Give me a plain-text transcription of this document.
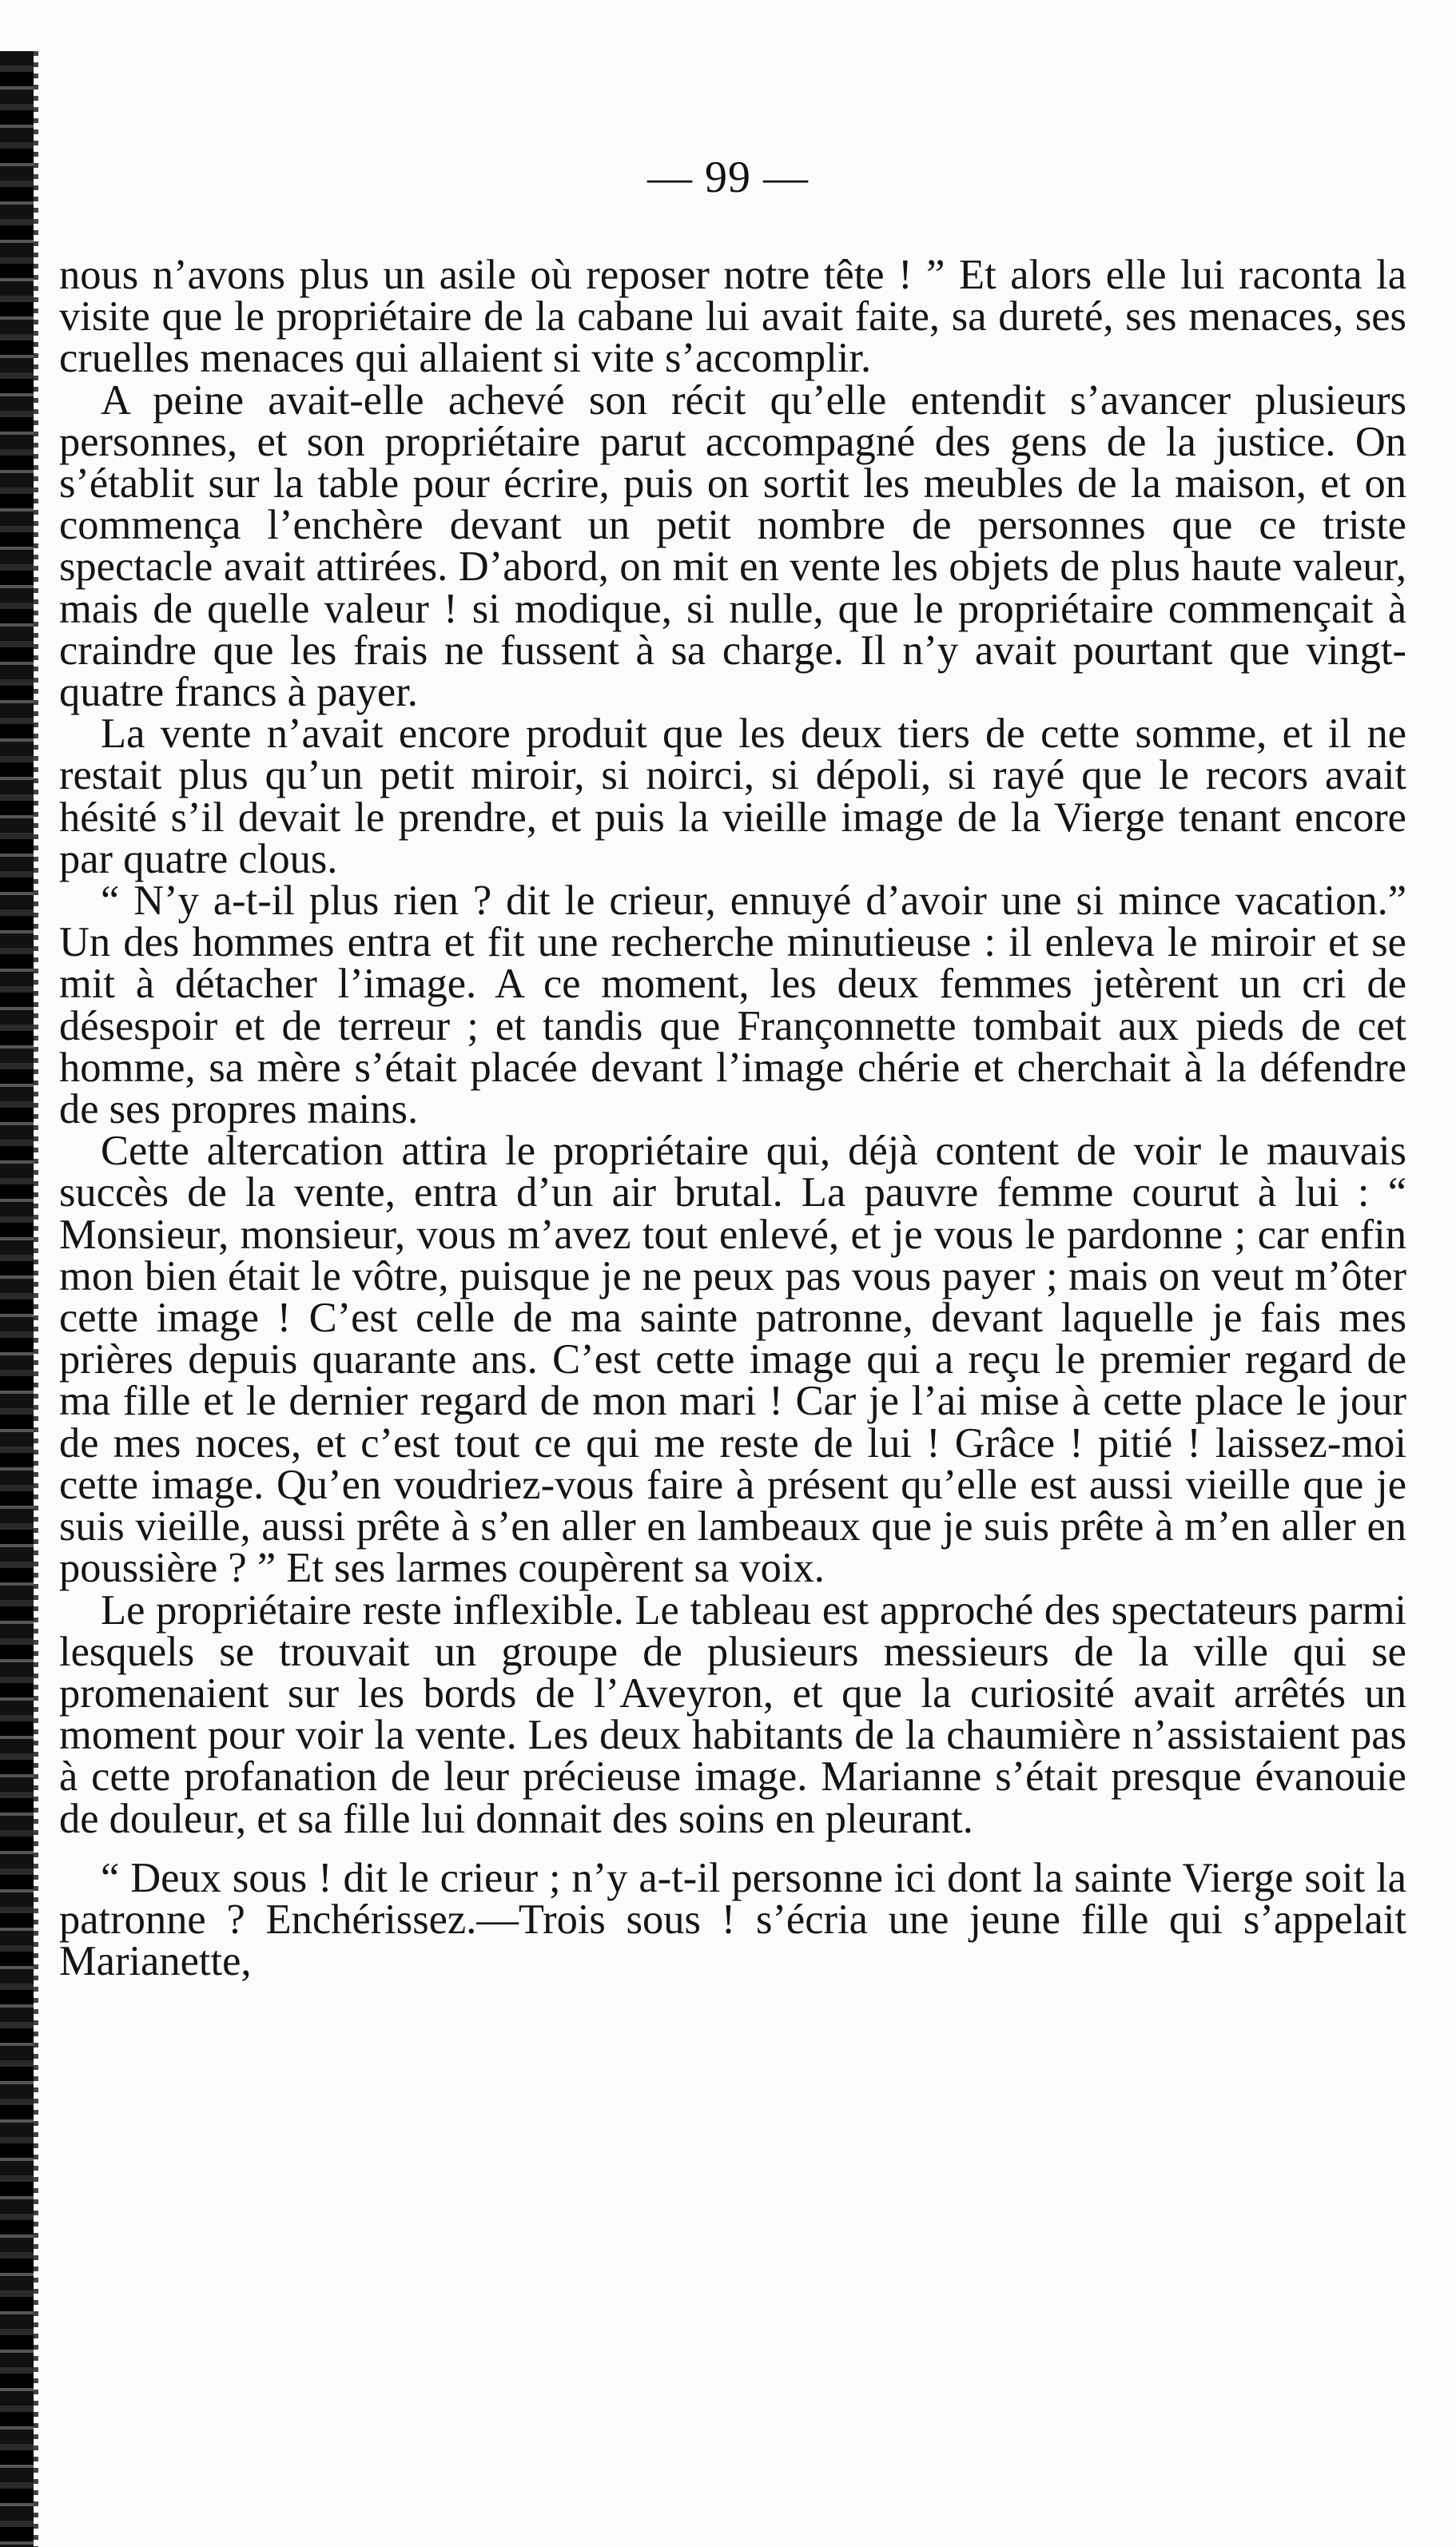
— 99 —

nous n’avons plus un asile où reposer notre tête ! ” Et alors elle lui raconta la visite que le propriétaire de la cabane lui avait faite, sa dureté, ses menaces, ses cruelles menaces qui allaient si vite s’accomplir.

A peine avait-elle achevé son récit qu’elle entendit s’avancer plusieurs personnes, et son propriétaire parut accompagné des gens de la justice. On s’établit sur la table pour écrire, puis on sortit les meubles de la maison, et on commença l’enchère devant un petit nombre de personnes que ce triste spectacle avait attirées. D’abord, on mit en vente les objets de plus haute valeur, mais de quelle valeur ! si modique, si nulle, que le propriétaire commençait à craindre que les frais ne fussent à sa charge. Il n’y avait pourtant que vingt-quatre francs à payer.

La vente n’avait encore produit que les deux tiers de cette somme, et il ne restait plus qu’un petit miroir, si noirci, si dépoli, si rayé que le recors avait hésité s’il devait le prendre, et puis la vieille image de la Vierge tenant encore par quatre clous.

“ N’y a-t-il plus rien ? dit le crieur, ennuyé d’avoir une si mince vacation.” Un des hommes entra et fit une recherche minutieuse : il enleva le miroir et se mit à détacher l’image. A ce moment, les deux femmes jetèrent un cri de désespoir et de terreur ; et tandis que Françonnette tombait aux pieds de cet homme, sa mère s’était placée devant l’image chérie et cherchait à la défendre de ses propres mains.

Cette altercation attira le propriétaire qui, déjà content de voir le mauvais succès de la vente, entra d’un air brutal. La pauvre femme courut à lui : “ Monsieur, monsieur, vous m’avez tout enlevé, et je vous le pardonne ; car enfin mon bien était le vôtre, puisque je ne peux pas vous payer ; mais on veut m’ôter cette image ! C’est celle de ma sainte patronne, devant laquelle je fais mes prières depuis quarante ans. C’est cette image qui a reçu le premier regard de ma fille et le dernier regard de mon mari ! Car je l’ai mise à cette place le jour de mes noces, et c’est tout ce qui me reste de lui ! Grâce ! pitié ! laissez-moi cette image. Qu’en voudriez-vous faire à présent qu’elle est aussi vieille que je suis vieille, aussi prête à s’en aller en lambeaux que je suis prête à m’en aller en poussière ? ” Et ses larmes coupèrent sa voix.

Le propriétaire reste inflexible. Le tableau est approché des spectateurs parmi lesquels se trouvait un groupe de plusieurs messieurs de la ville qui se promenaient sur les bords de l’Aveyron, et que la curiosité avait arrêtés un moment pour voir la vente. Les deux habitants de la chaumière n’assistaient pas à cette profanation de leur précieuse image. Marianne s’était presque évanouie de douleur, et sa fille lui donnait des soins en pleurant.

“ Deux sous ! dit le crieur ; n’y a-t-il personne ici dont la sainte Vierge soit la patronne ? Enchérissez.—Trois sous ! s’écria une jeune fille qui s’appelait Marianette,
